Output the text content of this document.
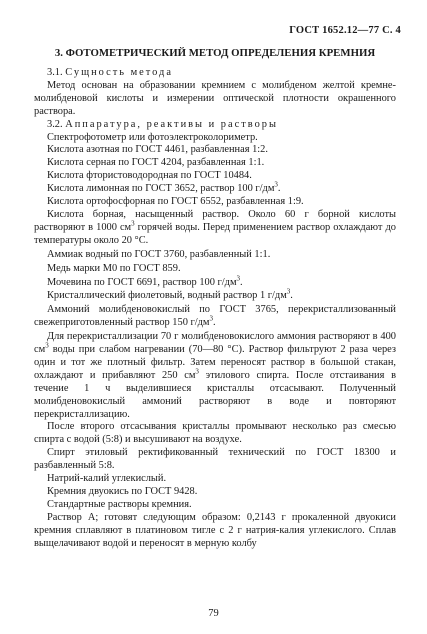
ГОСТ 1652.12—77 С. 4
3. ФОТОМЕТРИЧЕСКИЙ МЕТОД ОПРЕДЕЛЕНИЯ КРЕМНИЯ

3.1. Сущность метода

Метод основан на образовании кремнием с молибденом желтой кремне-молибденовой кислоты и измерении оптической плотности окрашенного раствора.

3.2. Аппаратура, реактивы и растворы

Спектрофотометр или фотоэлектроколориметр.

Кислота азотная по ГОСТ 4461, разбавленная 1:2.

Кислота серная по ГОСТ 4204, разбавленная 1:1.

Кислота фтористоводородная по ГОСТ 10484.

Кислота лимонная по ГОСТ 3652, раствор 100 $г/дм^3$.

Кислота ортофосфорная по ГОСТ 6552, разбавленная 1:9.

Кислота борная, насыщенный раствор. Около 60 г борной кислоты растворяют в 1000 $см^3$ горячей воды. Перед применением раствор охлаждают до температуры около 20 °С.

Аммиак водный по ГОСТ 3760, разбавленный 1:1.

Медь марки М0 по ГОСТ 859.

Мочевина по ГОСТ 6691, раствор 100 $г/дм^3$.

Кристаллический фиолетовый, водный раствор 1 $г/дм^3$.

Аммоний молибденовокислый по ГОСТ 3765, перекристаллизованный свежеприготовленный раствор 150 $г/дм^3$.

Для перекристаллизации 70 г молибденовокислого аммония растворяют в 400 $см^3$ воды при слабом нагревании (70—80 °С). Раствор фильтруют 2 раза через один и тот же плотный фильтр. Затем переносят раствор в большой стакан, охлаждают и прибавляют 250 $см^3$ этилового спирта. После отстаивания в течение 1 ч выделившиеся кристаллы отсасывают. Полученный молибденовокислый аммоний растворяют в воде и повторяют перекристаллизацию.

После второго отсасывания кристаллы промывают несколько раз смесью спирта с водой (5:8) и высушивают на воздухе.

Спирт этиловый ректификованный технический по ГОСТ 18300 и разбавленный 5:8.

Натрий-калий углекислый.

Кремния двуокись по ГОСТ 9428.

Стандартные растворы кремния.

Раствор А; готовят следующим образом: 0,2143 г прокаленной двуокиси кремния сплавляют в платиновом тигле с 2 г натрия-калия углекислого. Сплав выщелачивают водой и переносят в мерную колбу

79
